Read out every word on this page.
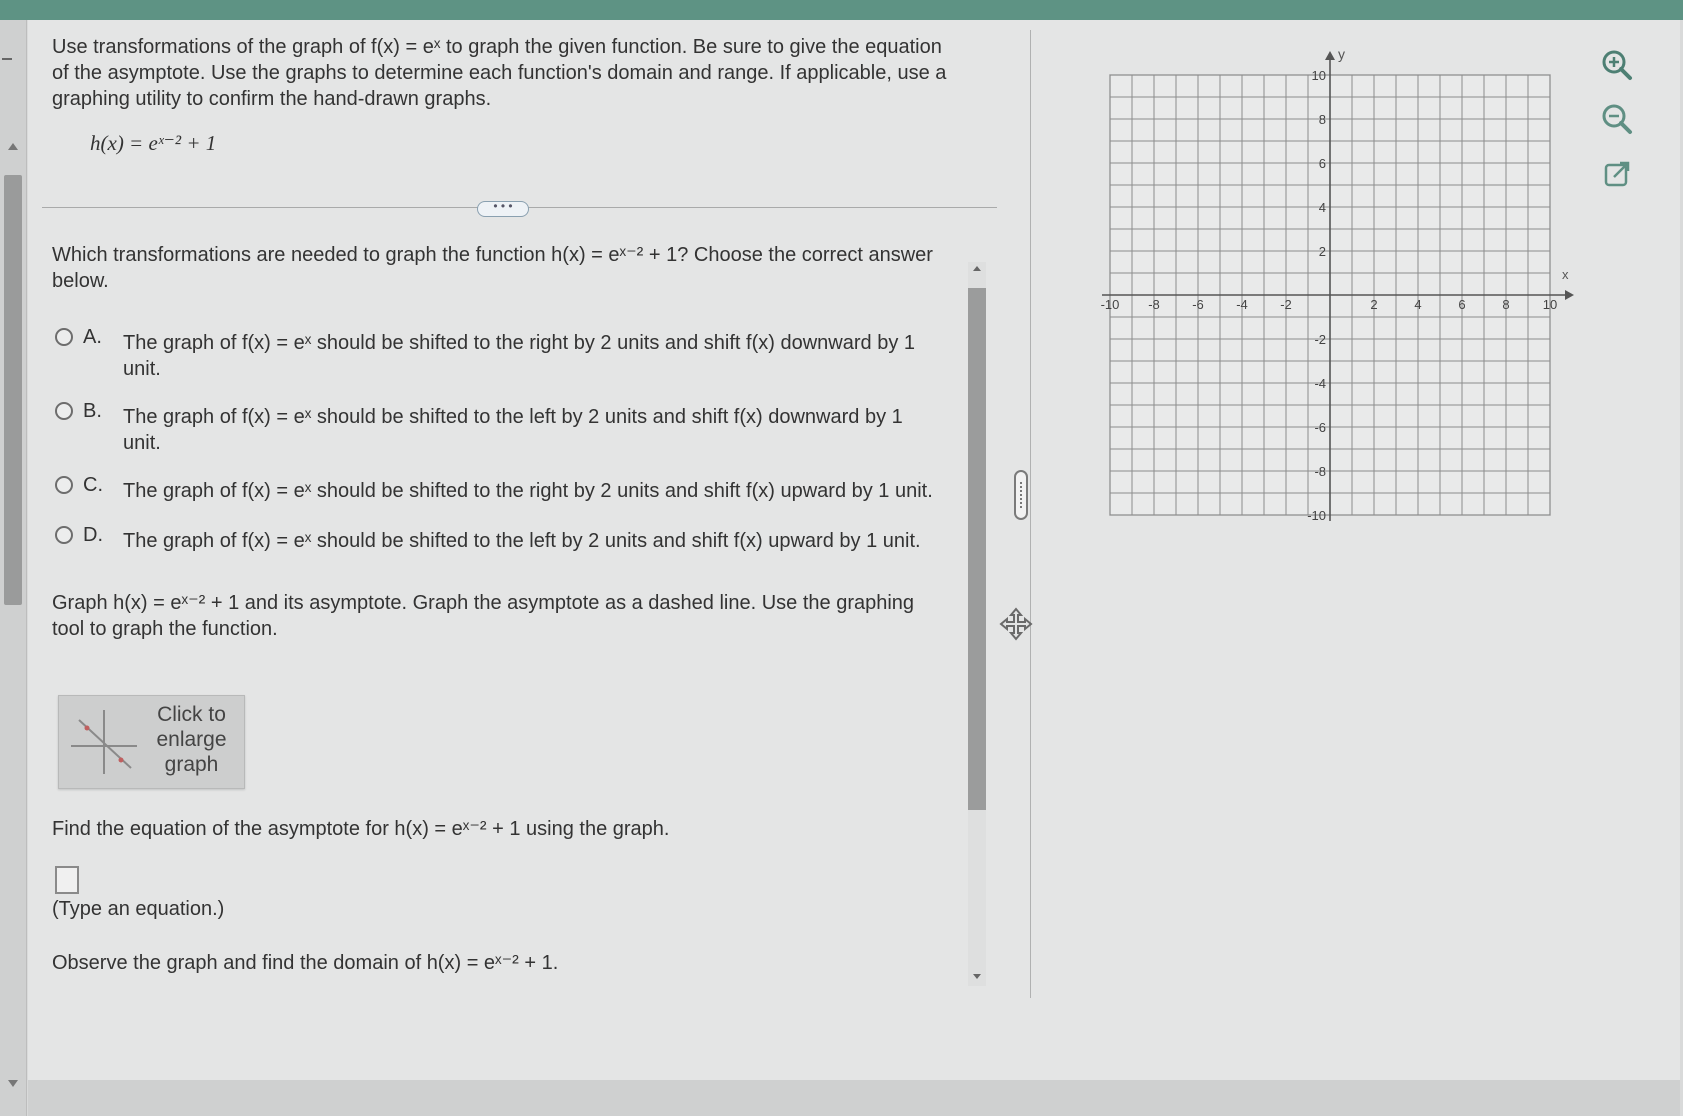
Use transformations of the graph of f(x) = eˣ to graph the given function. Be sure to give the equation of the asymptote. Use the graphs to determine each function's domain and range. If applicable, use a graphing utility to confirm the hand-drawn graphs.
h(x) = eˣ⁻² + 1
• • •
Which transformations are needed to graph the function h(x) = eˣ⁻² + 1? Choose the correct answer below.
A. The graph of f(x) = eˣ should be shifted to the right by 2 units and shift f(x) downward by 1 unit.
B. The graph of f(x) = eˣ should be shifted to the left by 2 units and shift f(x) downward by 1 unit.
C. The graph of f(x) = eˣ should be shifted to the right by 2 units and shift f(x) upward by 1 unit.
D. The graph of f(x) = eˣ should be shifted to the left by 2 units and shift f(x) upward by 1 unit.
Graph h(x) = eˣ⁻² + 1 and its asymptote. Graph the asymptote as a dashed line. Use the graphing tool to graph the function.
Click to enlarge graph
Find the equation of the asymptote for h(x) = eˣ⁻² + 1 using the graph.
(Type an equation.)
Observe the graph and find the domain of h(x) = eˣ⁻² + 1.
-10 -8 -6 -4 -2	2	4	6	8	10
10
8
6
4
2
-2
-4
-6
-8
-10
x
y
